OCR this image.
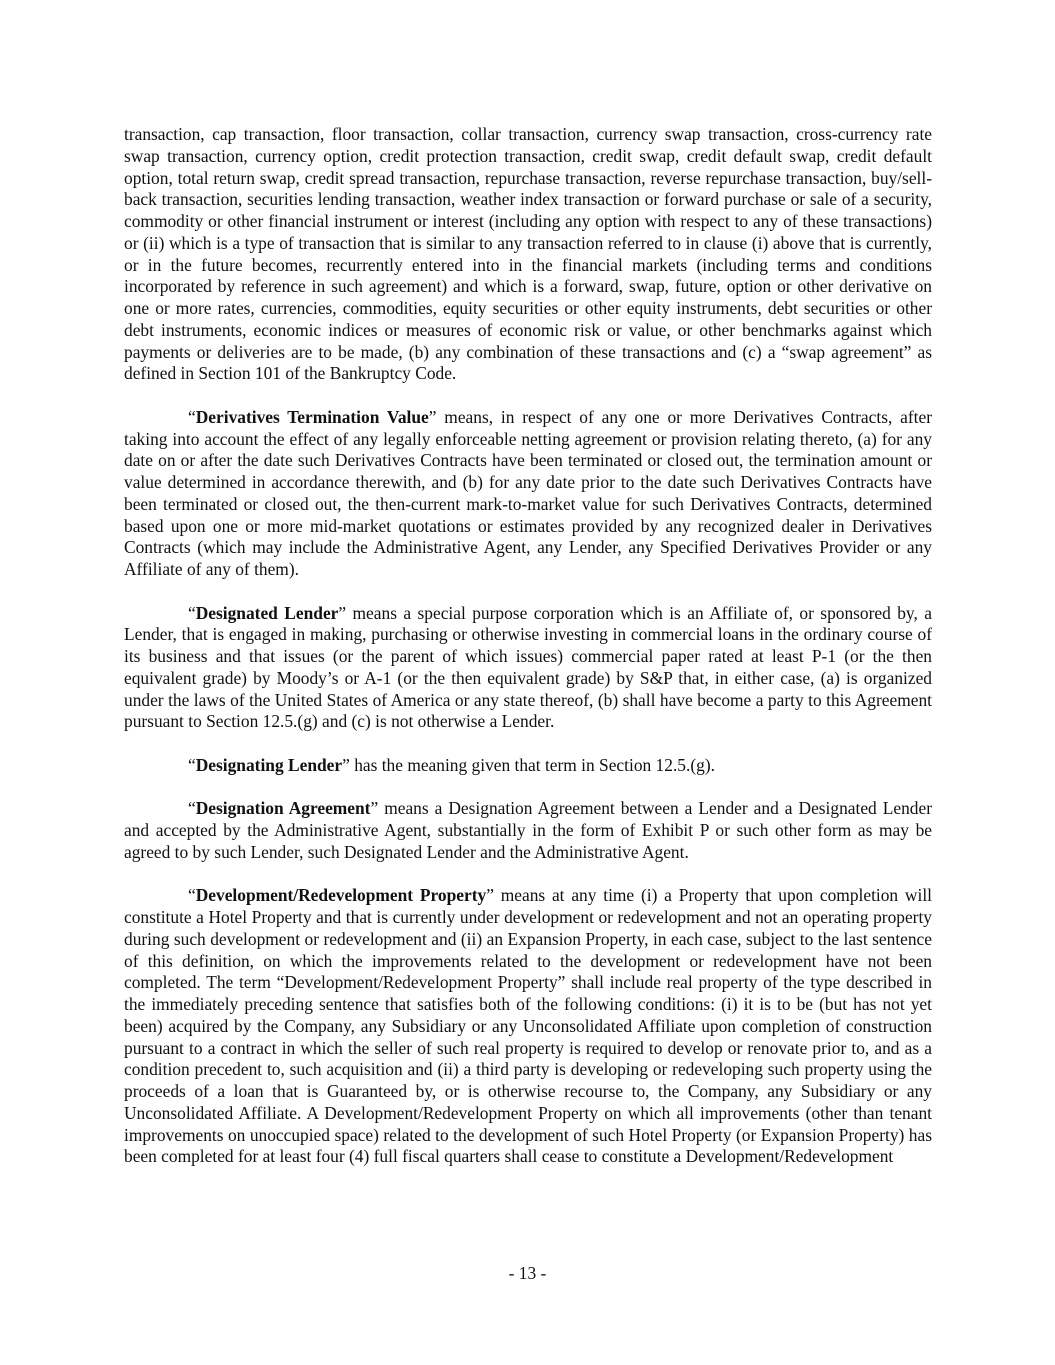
transaction, cap transaction, floor transaction, collar transaction, currency swap transaction, cross-currency rate swap transaction, currency option, credit protection transaction, credit swap, credit default swap, credit default option, total return swap, credit spread transaction, repurchase transaction, reverse repurchase transaction, buy/sell-back transaction, securities lending transaction, weather index transaction or forward purchase or sale of a security, commodity or other financial instrument or interest (including any option with respect to any of these transactions) or (ii) which is a type of transaction that is similar to any transaction referred to in clause (i) above that is currently, or in the future becomes, recurrently entered into in the financial markets (including terms and conditions incorporated by reference in such agreement) and which is a forward, swap, future, option or other derivative on one or more rates, currencies, commodities, equity securities or other equity instruments, debt securities or other debt instruments, economic indices or measures of economic risk or value, or other benchmarks against which payments or deliveries are to be made, (b) any combination of these transactions and (c) a “swap agreement” as defined in Section 101 of the Bankruptcy Code.

“Derivatives Termination Value” means, in respect of any one or more Derivatives Contracts, after taking into account the effect of any legally enforceable netting agreement or provision relating thereto, (a) for any date on or after the date such Derivatives Contracts have been terminated or closed out, the termination amount or value determined in accordance therewith, and (b) for any date prior to the date such Derivatives Contracts have been terminated or closed out, the then-current mark-to-market value for such Derivatives Contracts, determined based upon one or more mid-market quotations or estimates provided by any recognized dealer in Derivatives Contracts (which may include the Administrative Agent, any Lender, any Specified Derivatives Provider or any Affiliate of any of them).

“Designated Lender” means a special purpose corporation which is an Affiliate of, or sponsored by, a Lender, that is engaged in making, purchasing or otherwise investing in commercial loans in the ordinary course of its business and that issues (or the parent of which issues) commercial paper rated at least P-1 (or the then equivalent grade) by Moody’s or A-1 (or the then equivalent grade) by S&P that, in either case, (a) is organized under the laws of the United States of America or any state thereof, (b) shall have become a party to this Agreement pursuant to Section 12.5.(g) and (c) is not otherwise a Lender.

“Designating Lender” has the meaning given that term in Section 12.5.(g).

“Designation Agreement” means a Designation Agreement between a Lender and a Designated Lender and accepted by the Administrative Agent, substantially in the form of Exhibit P or such other form as may be agreed to by such Lender, such Designated Lender and the Administrative Agent.

“Development/Redevelopment Property” means at any time (i) a Property that upon completion will constitute a Hotel Property and that is currently under development or redevelopment and not an operating property during such development or redevelopment and (ii) an Expansion Property, in each case, subject to the last sentence of this definition, on which the improvements related to the development or redevelopment have not been completed. The term “Development/Redevelopment Property” shall include real property of the type described in the immediately preceding sentence that satisfies both of the following conditions: (i) it is to be (but has not yet been) acquired by the Company, any Subsidiary or any Unconsolidated Affiliate upon completion of construction pursuant to a contract in which the seller of such real property is required to develop or renovate prior to, and as a condition precedent to, such acquisition and (ii) a third party is developing or redeveloping such property using the proceeds of a loan that is Guaranteed by, or is otherwise recourse to, the Company, any Subsidiary or any Unconsolidated Affiliate. A Development/Redevelopment Property on which all improvements (other than tenant improvements on unoccupied space) related to the development of such Hotel Property (or Expansion Property) has been completed for at least four (4) full fiscal quarters shall cease to constitute a Development/Redevelopment

- 13 -
